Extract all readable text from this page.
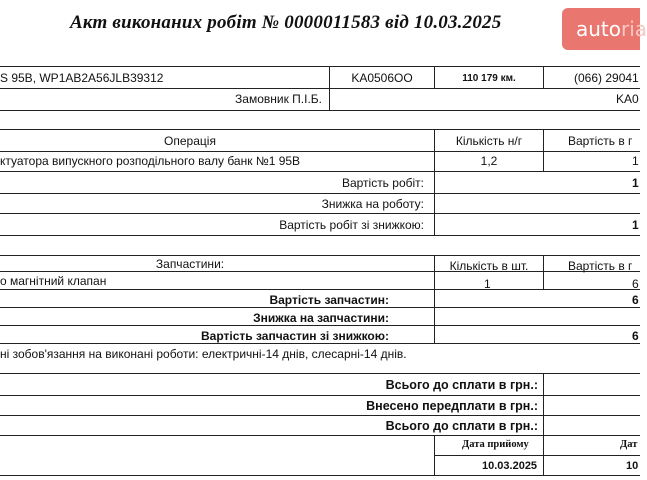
Акт виконаних робіт № 0000011583 від 10.03.2025	autoria
S 95B, WP1AB2A56JLB39312	KA0506OO	110 179 км.	(066) 29041
Замовник П.І.Б.	KA0
Операція	Кількість н/г	Вартість в г
ктуатора випускного розподільного валу банк №1 95В	1,2	1
Вартість робіт:	1
Знижка на роботу:
Вартість робіт зі знижкою:	1
Запчастини:	Кількість в шт.	Вартість в г
о магнітний клапан	1	6
Вартість запчастин:	6
Знижка на запчастини:
Вартість запчастин зі знижкою:	6
ні зобов'язання на виконані роботи: електричні-14 днів, слесарні-14 днів.
Всього до сплати в грн.:
Внесено передплати в грн.:
Всього до сплати в грн.:
Дата прийому	Дат
10.03.2025	10
